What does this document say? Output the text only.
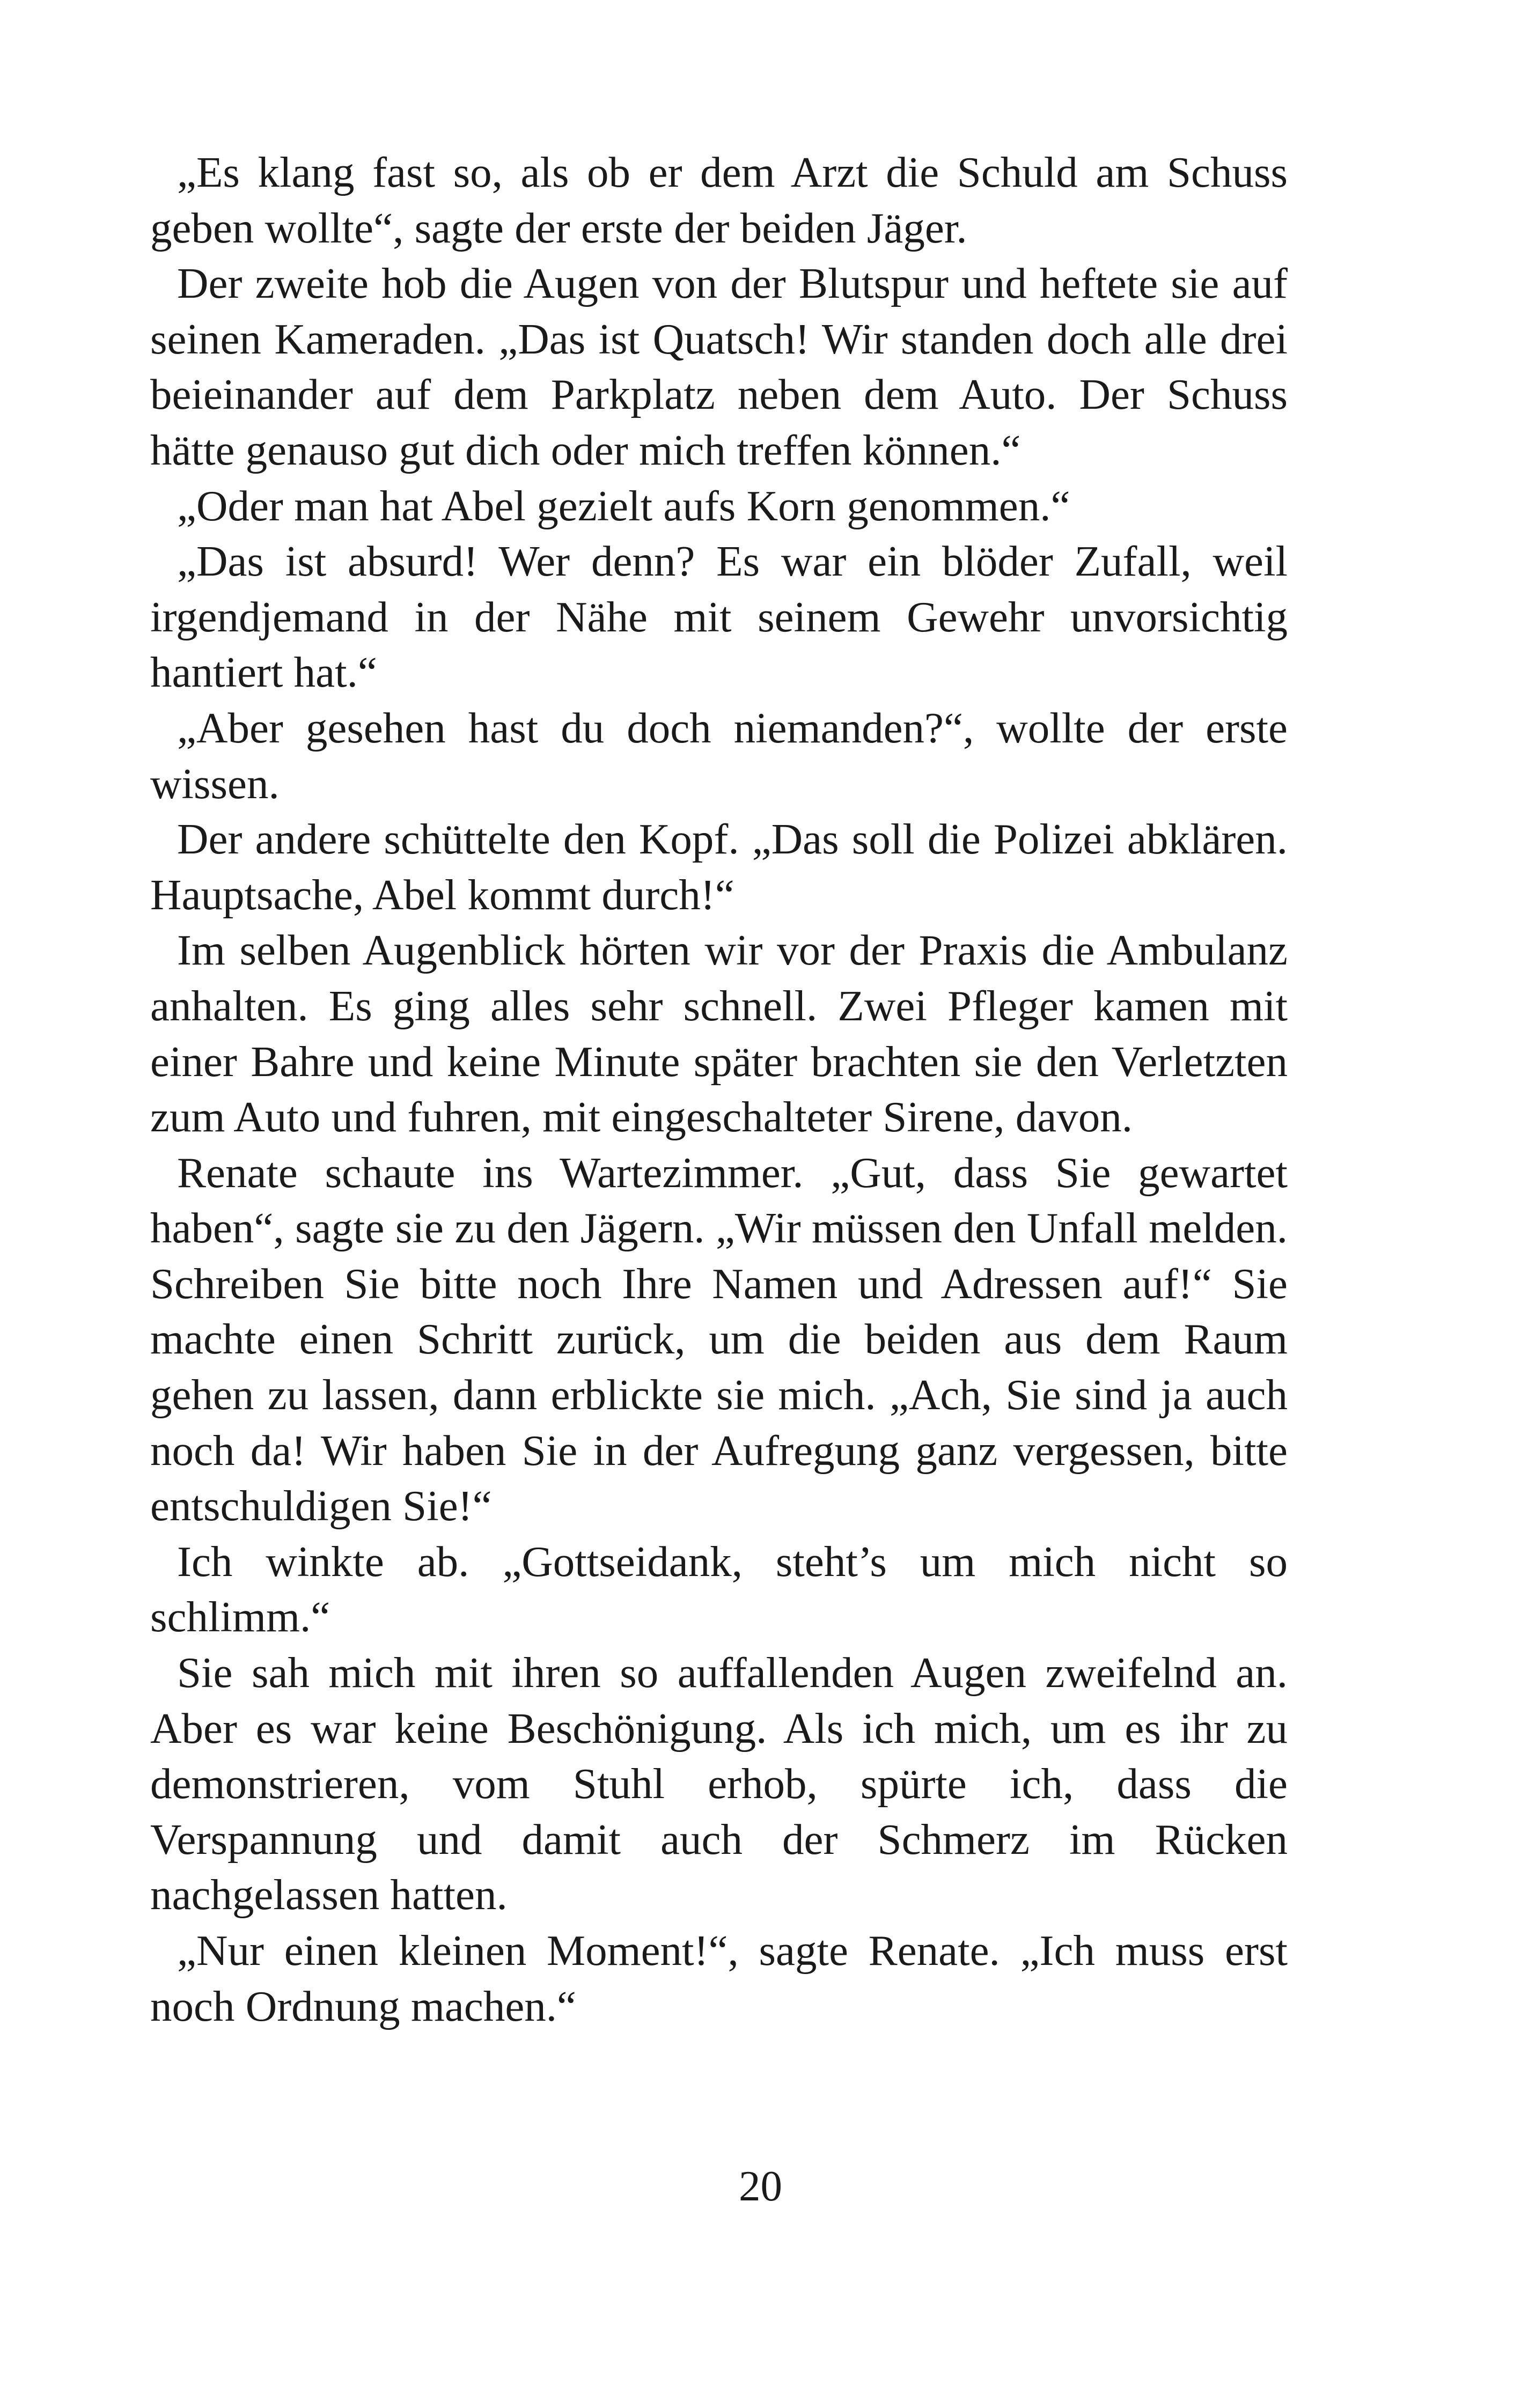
„Es klang fast so, als ob er dem Arzt die Schuld am Schuss geben wollte“, sagte der erste der beiden Jäger.

Der zweite hob die Augen von der Blutspur und heftete sie auf seinen Kameraden. „Das ist Quatsch! Wir standen doch alle drei beieinander auf dem Parkplatz neben dem Auto. Der Schuss hätte genauso gut dich oder mich treffen können.“

„Oder man hat Abel gezielt aufs Korn genommen.“

„Das ist absurd! Wer denn? Es war ein blöder Zufall, weil irgendjemand in der Nähe mit seinem Gewehr unvorsichtig hantiert hat.“

„Aber gesehen hast du doch niemanden?“, wollte der erste wissen.

Der andere schüttelte den Kopf. „Das soll die Polizei abklären. Hauptsache, Abel kommt durch!“

Im selben Augenblick hörten wir vor der Praxis die Ambulanz anhalten. Es ging alles sehr schnell. Zwei Pfleger kamen mit einer Bahre und keine Minute später brachten sie den Verletzten zum Auto und fuhren, mit eingeschalteter Sirene, davon.

Renate schaute ins Wartezimmer. „Gut, dass Sie gewartet haben“, sagte sie zu den Jägern. „Wir müssen den Unfall melden. Schreiben Sie bitte noch Ihre Namen und Adressen auf!“ Sie machte einen Schritt zurück, um die beiden aus dem Raum gehen zu lassen, dann erblickte sie mich. „Ach, Sie sind ja auch noch da! Wir haben Sie in der Aufregung ganz vergessen, bitte entschuldigen Sie!“

Ich winkte ab. „Gottseidank, steht’s um mich nicht so schlimm.“

Sie sah mich mit ihren so auffallenden Augen zweifelnd an. Aber es war keine Beschönigung. Als ich mich, um es ihr zu demonstrieren, vom Stuhl erhob, spürte ich, dass die Verspannung und damit auch der Schmerz im Rücken nachgelassen hatten.

„Nur einen kleinen Moment!“, sagte Renate. „Ich muss erst noch Ordnung machen.“

20
